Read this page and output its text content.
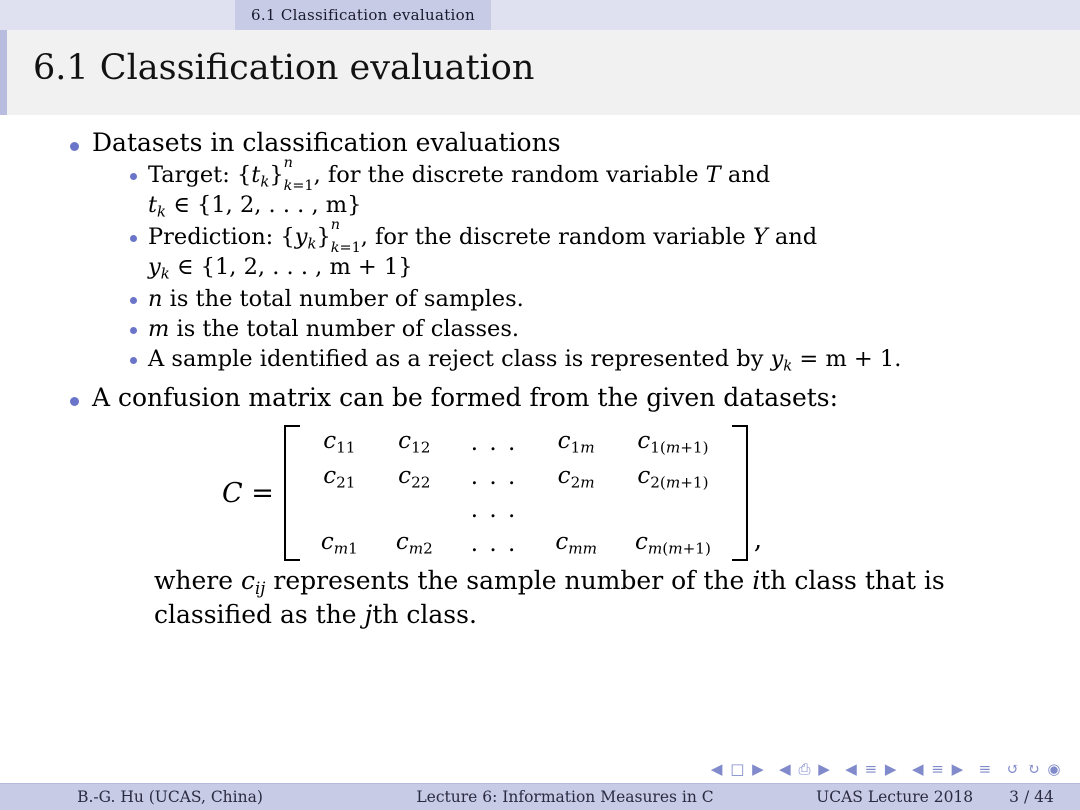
6.1 Classification evaluation
6.1 Classification evaluation
Datasets in classification evaluations
Target: $\{t_k\}$ n
k=1 , for the discrete random variable T and
$t_k$ ∈ {1, 2, . . . , m}
Prediction: $\{y_k\}$ n
k=1 , for the discrete random variable Y and
$y_k$ ∈ {1, 2, . . . , m + 1}
n is the total number of samples.
m is the total number of classes.
A sample identified as a reject class is represented by $y_k = m + 1$.
A confusion matrix can be formed from the given datasets:
C =
c11	c12	. . .	$c1_m$	$c1(_m+1)$
c21	c22	. . .	$c2_m$	$c2(_m+1)$
		. . .		
$c_m1$	$c_m2$	. . .	$c_{mm}$	$c_m(_m+1)$ ,
where $c_{ij}$ represents the sample number of the ith class that is classified as the jth class.
◀ □ ▶ ◀ ⎙ ▶ ◀ ≡ ▶ ◀ ≡ ▶ ≡ ↺ ↻ ◉
B.-G. Hu (UCAS, China)	Lecture 6: Information Measures in C	UCAS Lecture 2018 3 / 44
